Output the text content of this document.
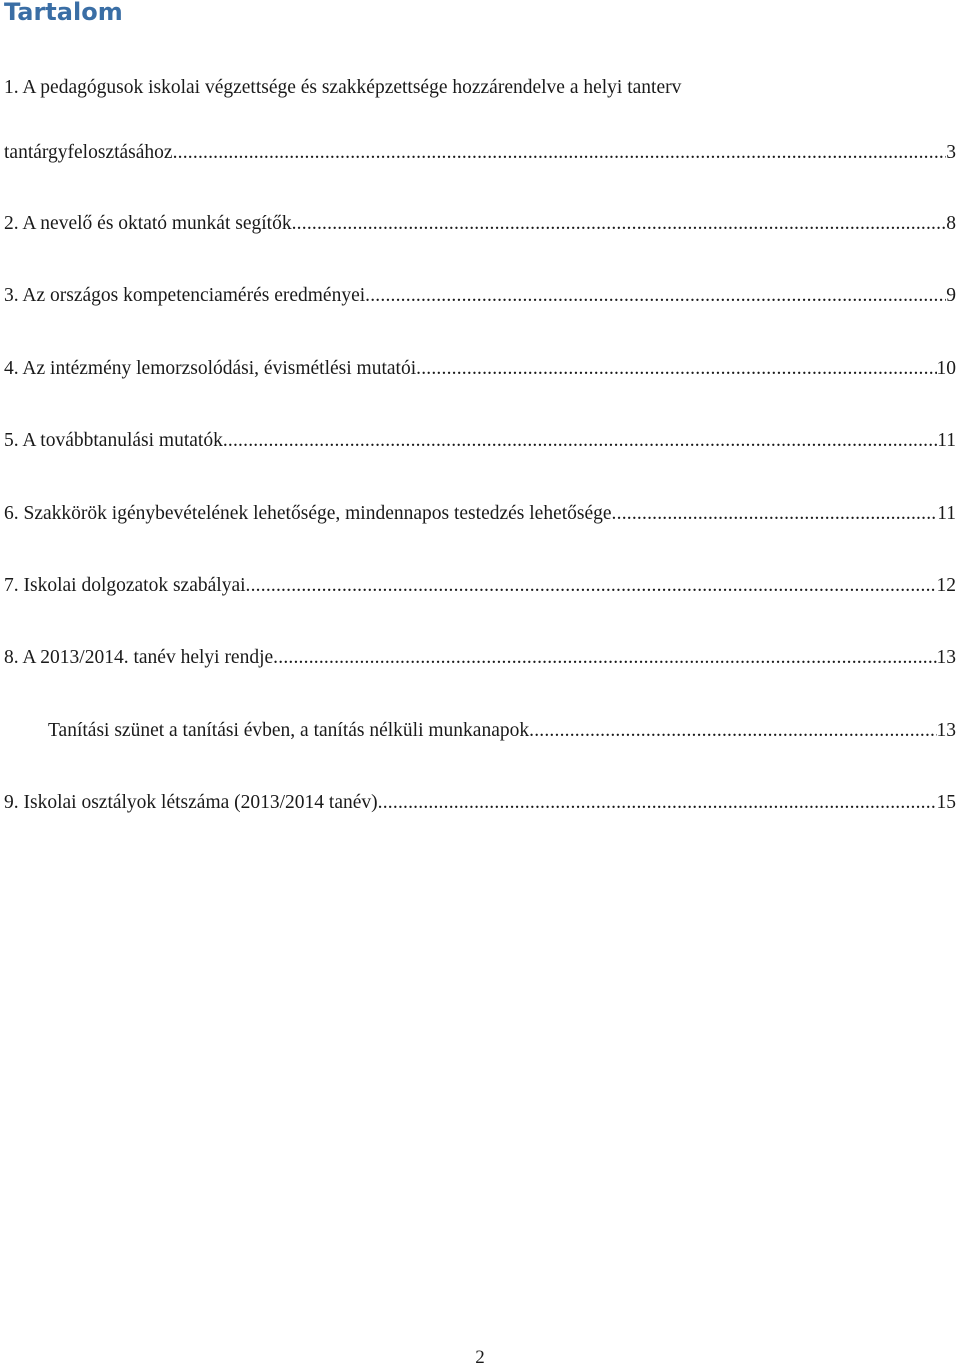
Tartalom
1. A pedagógusok iskolai végzettsége és szakképzettsége hozzárendelve a helyi tanterv
tantárgyfelosztásához .....	3
2. A nevelő és oktató munkát segítők .....	8
3. Az országos kompetenciamérés eredményei .....	9
4. Az intézmény lemorzsolódási, évismétlési mutatói .....	10
5. A továbbtanulási mutatók .....	11
6. Szakkörök igénybevételének lehetősége, mindennapos testedzés lehetősége .....	11
7. Iskolai dolgozatok szabályai .....	12
8. A 2013/2014. tanév helyi rendje .....	13
Tanítási szünet a tanítási évben, a tanítás nélküli munkanapok .....	13
9. Iskolai osztályok létszáma (2013/2014 tanév) .....	15
2
